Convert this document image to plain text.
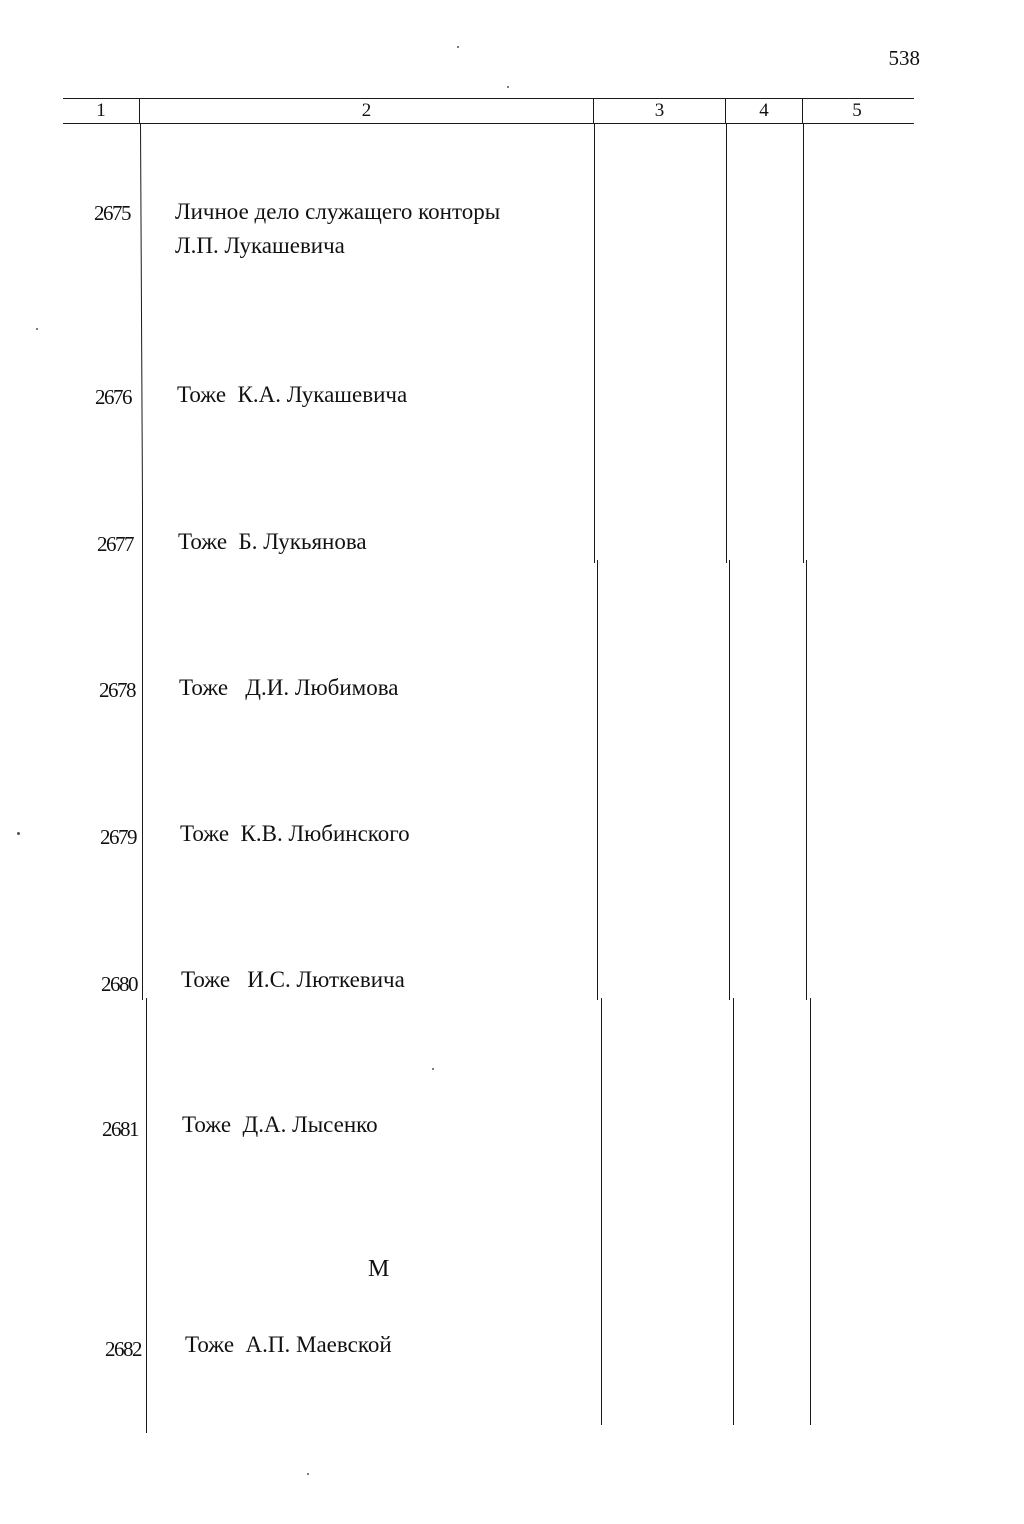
538
1	2	3	4	5
2675 Личное дело служащего конторы
Л.П. Лукашевича
2676 Тоже  К.А. Лукашевича
2677 Тоже  Б. Лукьянова
2678 Тоже   Д.И. Любимова
2679 Тоже  К.В. Любинского
2680 Тоже   И.С. Люткевича
2681 Тоже  Д.А. Лысенко
М
2682 Тоже  А.П. Маевской
